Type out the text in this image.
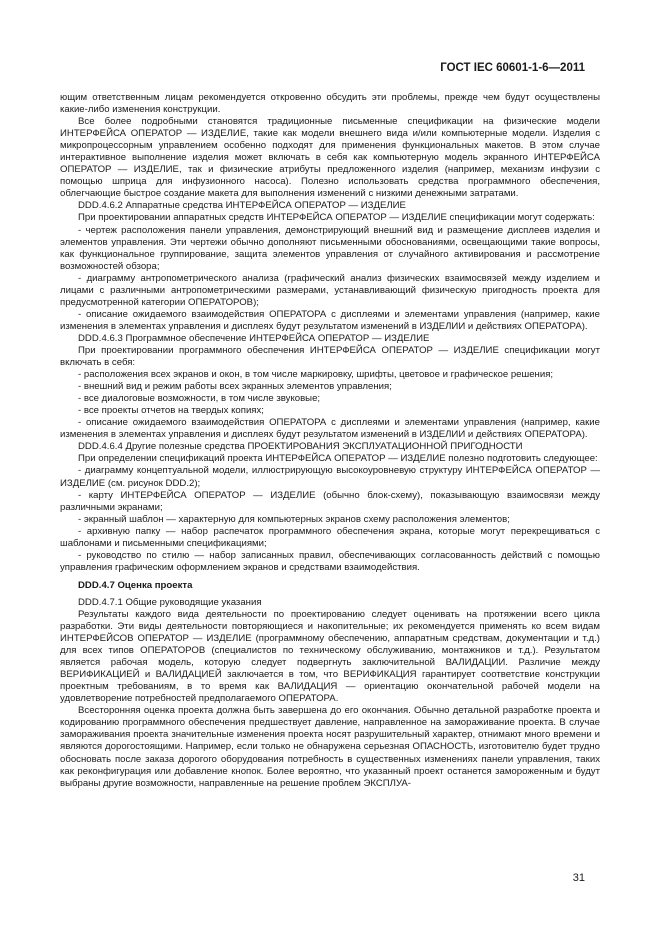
ГОСТ IEC 60601-1-6—2011

ющим ответственным лицам рекомендуется откровенно обсудить эти проблемы, прежде чем будут осуществлены какие-либо изменения конструкции.

Все более подробными становятся традиционные письменные спецификации на физические модели ИНТЕРФЕЙСА ОПЕРАТОР — ИЗДЕЛИЕ, такие как модели внешнего вида и/или компьютерные модели. Изделия с микропроцессорным управлением особенно подходят для применения функциональных макетов. В этом случае интерактивное выполнение изделия может включать в себя как компьютерную модель экранного ИНТЕРФЕЙСА ОПЕРАТОР — ИЗДЕЛИЕ, так и физические атрибуты предложенного изделия (например, механизм инфузии с помощью шприца для инфузионного насоса). Полезно использовать средства программного обеспечения, облегчающие быстрое создание макета для выполнения изменений с низкими денежными затратами.

DDD.4.6.2 Аппаратные средства ИНТЕРФЕЙСА ОПЕРАТОР — ИЗДЕЛИЕ

При проектировании аппаратных средств ИНТЕРФЕЙСА ОПЕРАТОР — ИЗДЕЛИЕ спецификации могут содержать:

- чертеж расположения панели управления, демонстрирующий внешний вид и размещение дисплеев изделия и элементов управления. Эти чертежи обычно дополняют письменными обоснованиями, освещающими такие вопросы, как функциональное группирование, защита элементов управления от случайного активирования и рассмотрение возможностей обзора;

- диаграмму антропометрического анализа (графический анализ физических взаимосвязей между изделием и лицами с различными антропометрическими размерами, устанавливающий физическую пригодность проекта для предусмотренной категории ОПЕРАТОРОВ);

- описание ожидаемого взаимодействия ОПЕРАТОРА с дисплеями и элементами управления (например, какие изменения в элементах управления и дисплеях будут результатом изменений в ИЗДЕЛИИ и действиях ОПЕРАТОРА).

DDD.4.6.3 Программное обеспечение ИНТЕРФЕЙСА ОПЕРАТОР — ИЗДЕЛИЕ

При проектировании программного обеспечения ИНТЕРФЕЙСА ОПЕРАТОР — ИЗДЕЛИЕ спецификации могут включать в себя:

- расположения всех экранов и окон, в том числе маркировку, шрифты, цветовое и графическое решения;

- внешний вид и режим работы всех экранных элементов управления;

- все диалоговые возможности, в том числе звуковые;

- все проекты отчетов на твердых копиях;

- описание ожидаемого взаимодействия ОПЕРАТОРА с дисплеями и элементами управления (например, какие изменения в элементах управления и дисплеях будут результатом изменений в ИЗДЕЛИИ и действиях ОПЕРАТОРА).

DDD.4.6.4 Другие полезные средства ПРОЕКТИРОВАНИЯ ЭКСПЛУАТАЦИОННОЙ ПРИГОДНОСТИ

При определении спецификаций проекта ИНТЕРФЕЙСА ОПЕРАТОР — ИЗДЕЛИЕ полезно подготовить следующее:

- диаграмму концептуальной модели, иллюстрирующую высокоуровневую структуру ИНТЕРФЕЙСА ОПЕРАТОР — ИЗДЕЛИЕ (см. рисунок DDD.2);

- карту ИНТЕРФЕЙСА ОПЕРАТОР — ИЗДЕЛИЕ (обычно блок-схему), показывающую взаимосвязи между различными экранами;

- экранный шаблон — характерную для компьютерных экранов схему расположения элементов;

- архивную папку — набор распечаток программного обеспечения экрана, которые могут перекрещиваться с шаблонами и письменными спецификациями;

- руководство по стилю — набор записанных правил, обеспечивающих согласованность действий с помощью управления графическим оформлением экранов и средствами взаимодействия.

DDD.4.7 Оценка проекта

DDD.4.7.1 Общие руководящие указания

Результаты каждого вида деятельности по проектированию следует оценивать на протяжении всего цикла разработки. Эти виды деятельности повторяющиеся и накопительные; их рекомендуется применять ко всем видам ИНТЕРФЕЙСОВ ОПЕРАТОР — ИЗДЕЛИЕ (программному обеспечению, аппаратным средствам, документации и т.д.) для всех типов ОПЕРАТОРОВ (специалистов по техническому обслуживанию, монтажников и т.д.). Результатом является рабочая модель, которую следует подвергнуть заключительной ВАЛИДАЦИИ. Различие между ВЕРИФИКАЦИЕЙ и ВАЛИДАЦИЕЙ заключается в том, что ВЕРИФИКАЦИЯ гарантирует соответствие конструкции проектным требованиям, в то время как ВАЛИДАЦИЯ — ориентацию окончательной рабочей модели на удовлетворение потребностей предполагаемого ОПЕРАТОРА.

Всесторонняя оценка проекта должна быть завершена до его окончания. Обычно детальной разработке проекта и кодированию программного обеспечения предшествует давление, направленное на замораживание проекта. В случае замораживания проекта значительные изменения проекта носят разрушительный характер, отнимают много времени и являются дорогостоящими. Например, если только не обнаружена серьезная ОПАСНОСТЬ, изготовителю будет трудно обосновать после заказа дорогого оборудования потребность в существенных изменениях панели управления, таких как реконфигурация или добавление кнопок. Более вероятно, что указанный проект останется замороженным и будут выбраны другие возможности, направленные на решение проблем ЭКСПЛУА-

31
